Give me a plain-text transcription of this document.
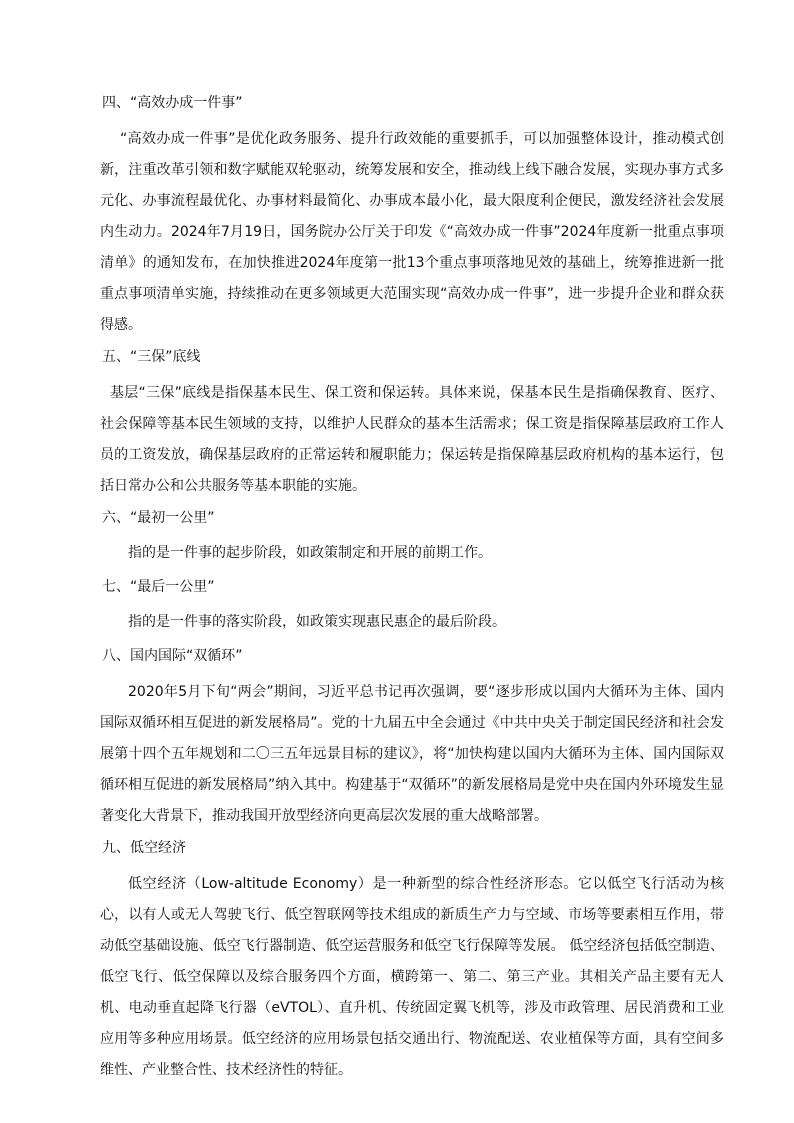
四、“高效办成一件事”

“高效办成一件事”是优化政务服务、提升行政效能的重要抓手，可以加强整体设计，推动模式创新，注重改革引领和数字赋能双轮驱动，统筹发展和安全，推动线上线下融合发展，实现办事方式多元化、办事流程最优化、办事材料最简化、办事成本最小化，最大限度利企便民，激发经济社会发展内生动力。2024年7月19日，国务院办公厅关于印发《“高效办成一件事”2024年度新一批重点事项清单》的通知发布，在加快推进2024年度第一批13个重点事项落地见效的基础上，统筹推进新一批重点事项清单实施，持续推动在更多领域更大范围实现“高效办成一件事”，进一步提升企业和群众获得感。

五、“三保”底线

基层“三保”底线是指保基本民生、保工资和保运转。具体来说，保基本民生是指确保教育、医疗、社会保障等基本民生领域的支持，以维护人民群众的基本生活需求；保工资是指保障基层政府工作人员的工资发放，确保基层政府的正常运转和履职能力；保运转是指保障基层政府机构的基本运行，包括日常办公和公共服务等基本职能的实施。

六、“最初一公里”
指的是一件事的起步阶段，如政策制定和开展的前期工作。
七、“最后一公里”
指的是一件事的落实阶段，如政策实现惠民惠企的最后阶段。
八、国内国际“双循环”

2020年5月下旬“两会”期间，习近平总书记再次强调，要“逐步形成以国内大循环为主体、国内国际双循环相互促进的新发展格局”。党的十九届五中全会通过《中共中央关于制定国民经济和社会发展第十四个五年规划和二〇三五年远景目标的建议》，将“加快构建以国内大循环为主体、国内国际双循环相互促进的新发展格局”纳入其中。构建基于“双循环”的新发展格局是党中央在国内外环境发生显著变化大背景下，推动我国开放型经济向更高层次发展的重大战略部署。

九、低空经济

低空经济（Low-altitude Economy）是一种新型的综合性经济形态。它以低空飞行活动为核心，以有人或无人驾驶飞行、低空智联网等技术组成的新质生产力与空域、市场等要素相互作用，带动低空基础设施、低空飞行器制造、低空运营服务和低空飞行保障等发展。 低空经济包括低空制造、低空飞行、低空保障以及综合服务四个方面，横跨第一、第二、第三产业。其相关产品主要有无人机、电动垂直起降飞行器（eVTOL）、直升机、传统固定翼飞机等，涉及市政管理、居民消费和工业应用等多种应用场景。低空经济的应用场景包括交通出行、物流配送、农业植保等方面，具有空间多维性、产业整合性、技术经济性的特征。
